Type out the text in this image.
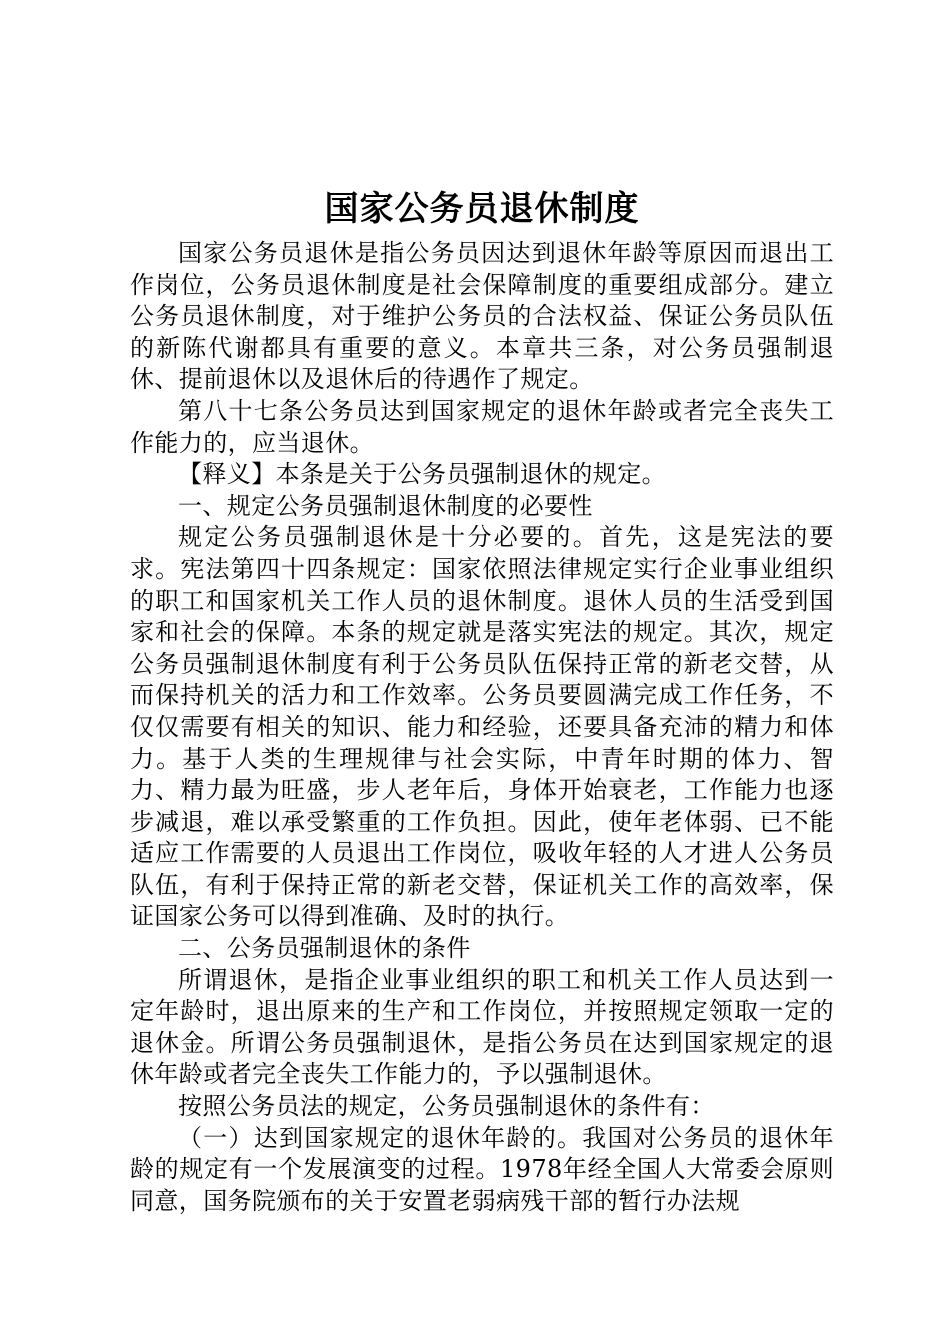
国家公务员退休制度

国家公务员退休是指公务员因达到退休年龄等原因而退出工作岗位，公务员退休制度是社会保障制度的重要组成部分。建立公务员退休制度，对于维护公务员的合法权益、保证公务员队伍的新陈代谢都具有重要的意义。本章共三条，对公务员强制退休、提前退休以及退休后的待遇作了规定。

第八十七条公务员达到国家规定的退休年龄或者完全丧失工作能力的，应当退休。

【释义】本条是关于公务员强制退休的规定。

一、规定公务员强制退休制度的必要性

规定公务员强制退休是十分必要的。首先，这是宪法的要求。宪法第四十四条规定：国家依照法律规定实行企业事业组织的职工和国家机关工作人员的退休制度。退休人员的生活受到国家和社会的保障。本条的规定就是落实宪法的规定。其次，规定公务员强制退休制度有利于公务员队伍保持正常的新老交替，从而保持机关的活力和工作效率。公务员要圆满完成工作任务，不仅仅需要有相关的知识、能力和经验，还要具备充沛的精力和体力。基于人类的生理规律与社会实际，中青年时期的体力、智力、精力最为旺盛，步人老年后，身体开始衰老，工作能力也逐步减退，难以承受繁重的工作负担。因此，使年老体弱、已不能适应工作需要的人员退出工作岗位，吸收年轻的人才进人公务员队伍，有利于保持正常的新老交替，保证机关工作的高效率，保证国家公务可以得到准确、及时的执行。

二、公务员强制退休的条件

所谓退休，是指企业事业组织的职工和机关工作人员达到一定年龄时，退出原来的生产和工作岗位，并按照规定领取一定的退休金。所谓公务员强制退休，是指公务员在达到国家规定的退休年龄或者完全丧失工作能力的，予以强制退休。

按照公务员法的规定，公务员强制退休的条件有：

（一）达到国家规定的退休年龄的。我国对公务员的退休年龄的规定有一个发展演变的过程。1978年经全国人大常委会原则同意，国务院颁布的关于安置老弱病残干部的暂行办法规
